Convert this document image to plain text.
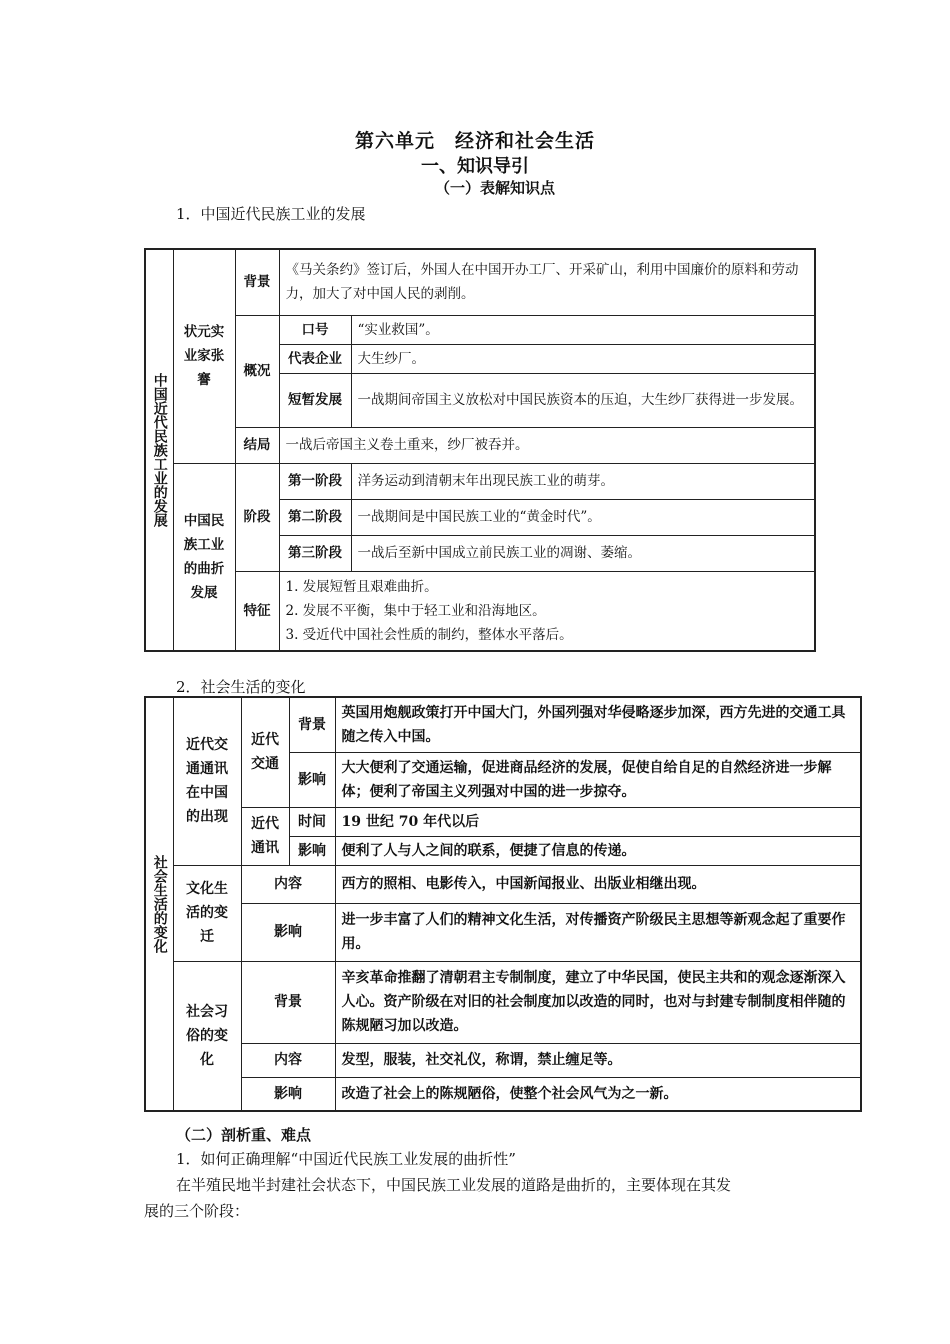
第六单元　经济和社会生活
一、知识导引
（一）表解知识点
1．中国近代民族工业的发展
中国近代民族工业的发展	状元实业家张謇	背景	《马关条约》签订后，外国人在中国开办工厂、开采矿山，利用中国廉价的原料和劳动力，加大了对中国人民的剥削。	
		概况	口号	“实业救国”。
			代表企业	大生纱厂。
			短暂发展	一战期间帝国主义放松对中国民族资本的压迫，大生纱厂获得进一步发展。
		结局	一战后帝国主义卷土重来，纱厂被吞并。	
	中国民族工业的曲折发展	阶段	第一阶段	洋务运动到清朝末年出现民族工业的萌芽。
			第二阶段	一战期间是中国民族工业的“黄金时代”。
			第三阶段	一战后至新中国成立前民族工业的凋谢、萎缩。
		特征	1. 发展短暂且艰难曲折。
2. 发展不平衡，集中于轻工业和沿海地区。
3. 受近代中国社会性质的制约，整体水平落后。	
2．社会生活的变化
社会生活的变化	近代交通通讯在中国的出现	近代交通	背景	英国用炮舰政策打开中国大门，外国列强对华侵略逐步加深，西方先进的交通工具随之传入中国。
			影响	大大便利了交通运输，促进商品经济的发展，促使自给自足的自然经济进一步解体；便利了帝国主义列强对中国的进一步掠夺。
		近代通讯	时间	19 世纪 70 年代以后
			影响	便利了人与人之间的联系，便捷了信息的传递。
	文化生活的变迁	内容		西方的照相、电影传入，中国新闻报业、出版业相继出现。
		影响		进一步丰富了人们的精神文化生活，对传播资产阶级民主思想等新观念起了重要作用。
	社会习俗的变化	背景		辛亥革命推翻了清朝君主专制制度，建立了中华民国，使民主共和的观念逐渐深入人心。资产阶级在对旧的社会制度加以改造的同时，也对与封建专制制度相伴随的陈规陋习加以改造。
		内容		发型，服装，社交礼仪，称谓，禁止缠足等。
		影响		改造了社会上的陈规陋俗，使整个社会风气为之一新。
（二）剖析重、难点
1．如何正确理解“中国近代民族工业发展的曲折性”
在半殖民地半封建社会状态下，中国民族工业发展的道路是曲折的，主要体现在其发
展的三个阶段：
